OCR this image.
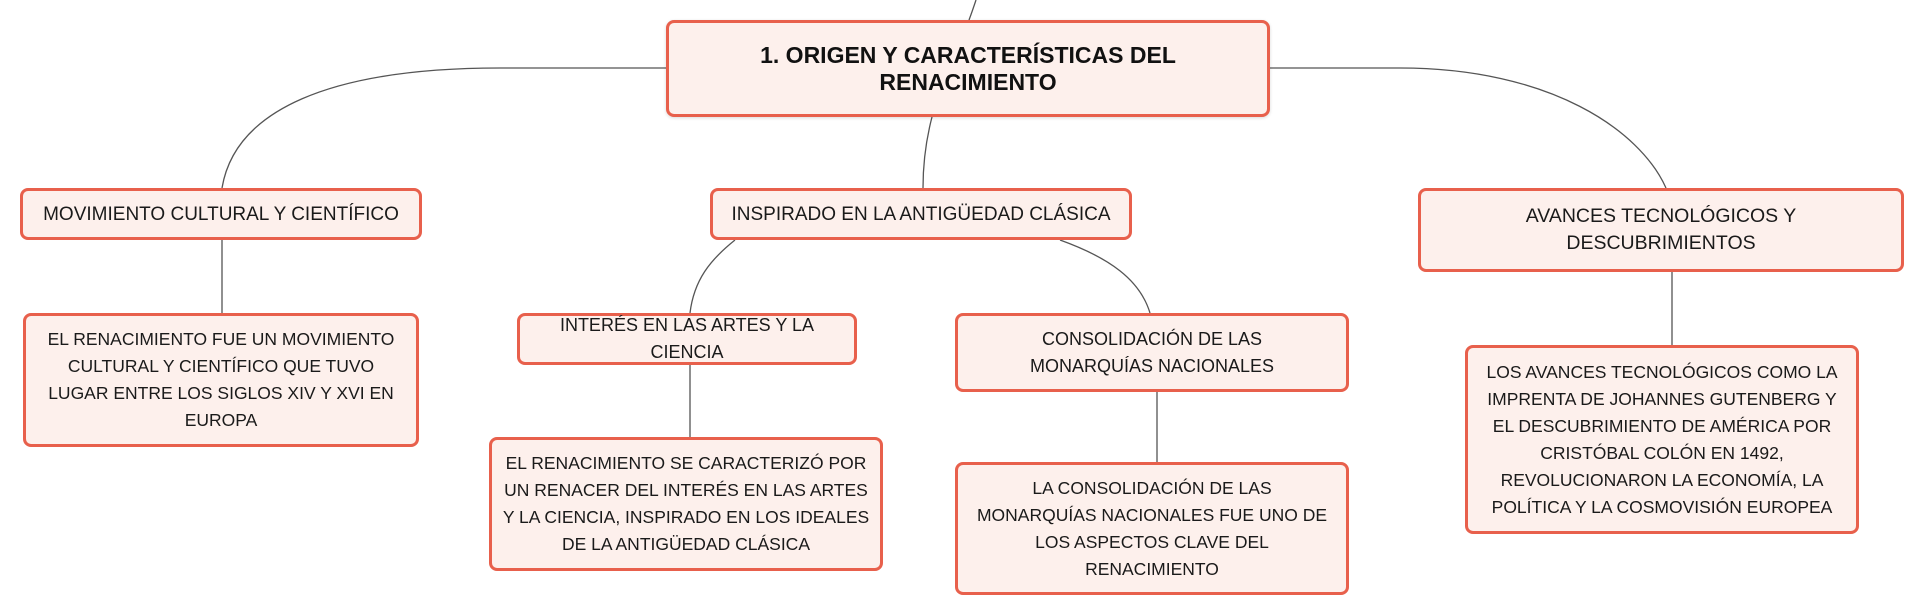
1. ORIGEN Y CARACTERÍSTICAS DEL RENACIMIENTO
MOVIMIENTO CULTURAL Y CIENTÍFICO
EL RENACIMIENTO FUE UN MOVIMIENTO CULTURAL Y CIENTÍFICO QUE TUVO LUGAR ENTRE LOS SIGLOS XIV Y XVI EN EUROPA
INSPIRADO EN LA ANTIGÜEDAD CLÁSICA
INTERÉS EN LAS ARTES Y LA CIENCIA
EL RENACIMIENTO SE CARACTERIZÓ POR UN RENACER DEL INTERÉS EN LAS ARTES Y LA CIENCIA, INSPIRADO EN LOS IDEALES DE LA ANTIGÜEDAD CLÁSICA
CONSOLIDACIÓN DE LAS MONARQUÍAS NACIONALES
LA CONSOLIDACIÓN DE LAS MONARQUÍAS NACIONALES FUE UNO DE LOS ASPECTOS CLAVE DEL RENACIMIENTO
AVANCES TECNOLÓGICOS Y DESCUBRIMIENTOS
LOS AVANCES TECNOLÓGICOS COMO LA IMPRENTA DE JOHANNES GUTENBERG Y EL DESCUBRIMIENTO DE AMÉRICA POR CRISTÓBAL COLÓN EN 1492, REVOLUCIONARON LA ECONOMÍA, LA POLÍTICA Y LA COSMOVISIÓN EUROPEA
